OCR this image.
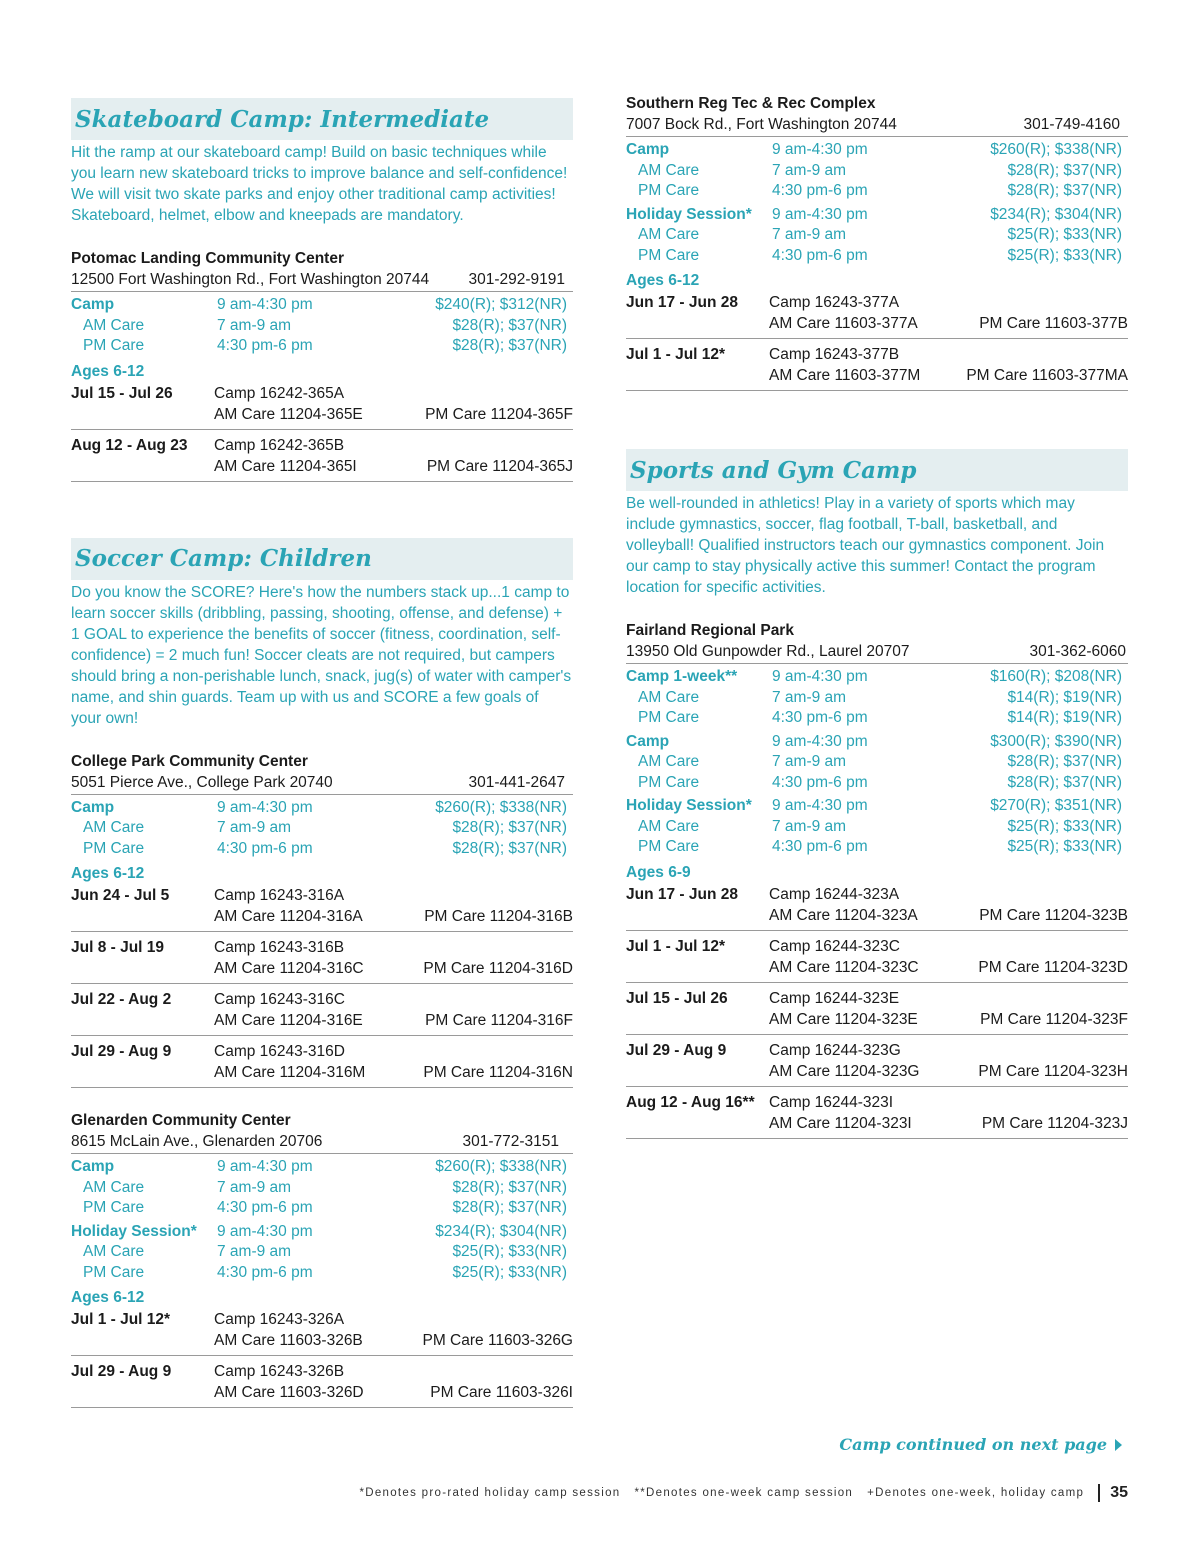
Skateboard Camp: Intermediate

Hit the ramp at our skateboard camp! Build on basic techniques while you learn new skateboard tricks to improve balance and self-confidence! We will visit two skate parks and enjoy other traditional camp activities! Skateboard, helmet, elbow and kneepads are mandatory.

Potomac Landing Community Center
12500 Fort Washington Rd., Fort Washington 20744	301-292-9191
Camp	9 am-4:30 pm	$240(R); $312(NR)
AM Care	7 am-9 am	$28(R); $37(NR)
PM Care	4:30 pm-6 pm	$28(R); $37(NR)
Ages 6-12
Jul 15 - Jul 26	Camp 16242-365A
AM Care 11204-365E	PM Care 11204-365F
Aug 12 - Aug 23	Camp 16242-365B
AM Care 11204-365I	PM Care 11204-365J
Soccer Camp: Children

Do you know the SCORE? Here's how the numbers stack up...1 camp to learn soccer skills (dribbling, passing, shooting, offense, and defense) + 1 GOAL to experience the benefits of soccer (fitness, coordination, self-confidence) = 2 much fun! Soccer cleats are not required, but campers should bring a non-perishable lunch, snack, jug(s) of water with camper's name, and shin guards. Team up with us and SCORE a few goals of your own!

College Park Community Center
5051 Pierce Ave., College Park 20740	301-441-2647
Camp	9 am-4:30 pm	$260(R); $338(NR)
AM Care	7 am-9 am	$28(R); $37(NR)
PM Care	4:30 pm-6 pm	$28(R); $37(NR)
Ages 6-12
Jun 24 - Jul 5	Camp 16243-316A
AM Care 11204-316A	PM Care 11204-316B
Jul 8 - Jul 19	Camp 16243-316B
AM Care 11204-316C	PM Care 11204-316D
Jul 22 - Aug 2	Camp 16243-316C
AM Care 11204-316E	PM Care 11204-316F
Jul 29 - Aug 9	Camp 16243-316D
AM Care 11204-316M	PM Care 11204-316N
Glenarden Community Center
8615 McLain Ave., Glenarden 20706	301-772-3151
Camp	9 am-4:30 pm	$260(R); $338(NR)
AM Care	7 am-9 am	$28(R); $37(NR)
PM Care	4:30 pm-6 pm	$28(R); $37(NR)
Holiday Session*	9 am-4:30 pm	$234(R); $304(NR)
AM Care	7 am-9 am	$25(R); $33(NR)
PM Care	4:30 pm-6 pm	$25(R); $33(NR)
Ages 6-12
Jul 1 - Jul 12*	Camp 16243-326A
AM Care 11603-326B	PM Care 11603-326G
Jul 29 - Aug 9	Camp 16243-326B
AM Care 11603-326D	PM Care 11603-326I
Southern Reg Tec & Rec Complex
7007 Bock Rd., Fort Washington 20744	301-749-4160
Camp	9 am-4:30 pm	$260(R); $338(NR)
AM Care	7 am-9 am	$28(R); $37(NR)
PM Care	4:30 pm-6 pm	$28(R); $37(NR)
Holiday Session*	9 am-4:30 pm	$234(R); $304(NR)
AM Care	7 am-9 am	$25(R); $33(NR)
PM Care	4:30 pm-6 pm	$25(R); $33(NR)
Ages 6-12
Jun 17 - Jun 28	Camp 16243-377A
AM Care 11603-377A	PM Care 11603-377B
Jul 1 - Jul 12*	Camp 16243-377B
AM Care 11603-377M	PM Care 11603-377MA
Sports and Gym Camp

Be well-rounded in athletics! Play in a variety of sports which may include gymnastics, soccer, flag football, T-ball, basketball, and volleyball! Qualified instructors teach our gymnastics component. Join our camp to stay physically active this summer! Contact the program location for specific activities.

Fairland Regional Park
13950 Old Gunpowder Rd., Laurel 20707	301-362-6060
Camp 1-week**	9 am-4:30 pm	$160(R); $208(NR)
AM Care	7 am-9 am	$14(R); $19(NR)
PM Care	4:30 pm-6 pm	$14(R); $19(NR)
Camp	9 am-4:30 pm	$300(R); $390(NR)
AM Care	7 am-9 am	$28(R); $37(NR)
PM Care	4:30 pm-6 pm	$28(R); $37(NR)
Holiday Session*	9 am-4:30 pm	$270(R); $351(NR)
AM Care	7 am-9 am	$25(R); $33(NR)
PM Care	4:30 pm-6 pm	$25(R); $33(NR)
Ages 6-9
Jun 17 - Jun 28	Camp 16244-323A
AM Care 11204-323A	PM Care 11204-323B
Jul 1 - Jul 12*	Camp 16244-323C
AM Care 11204-323C	PM Care 11204-323D
Jul 15 - Jul 26	Camp 16244-323E
AM Care 11204-323E	PM Care 11204-323F
Jul 29 - Aug 9	Camp 16244-323G
AM Care 11204-323G	PM Care 11204-323H
Aug 12 - Aug 16** Camp 16244-323I
AM Care 11204-323I	PM Care 11204-323J
Camp continued on next page
*Denotes pro-rated holiday camp session **Denotes one-week camp session +Denotes one-week, holiday camp	35
